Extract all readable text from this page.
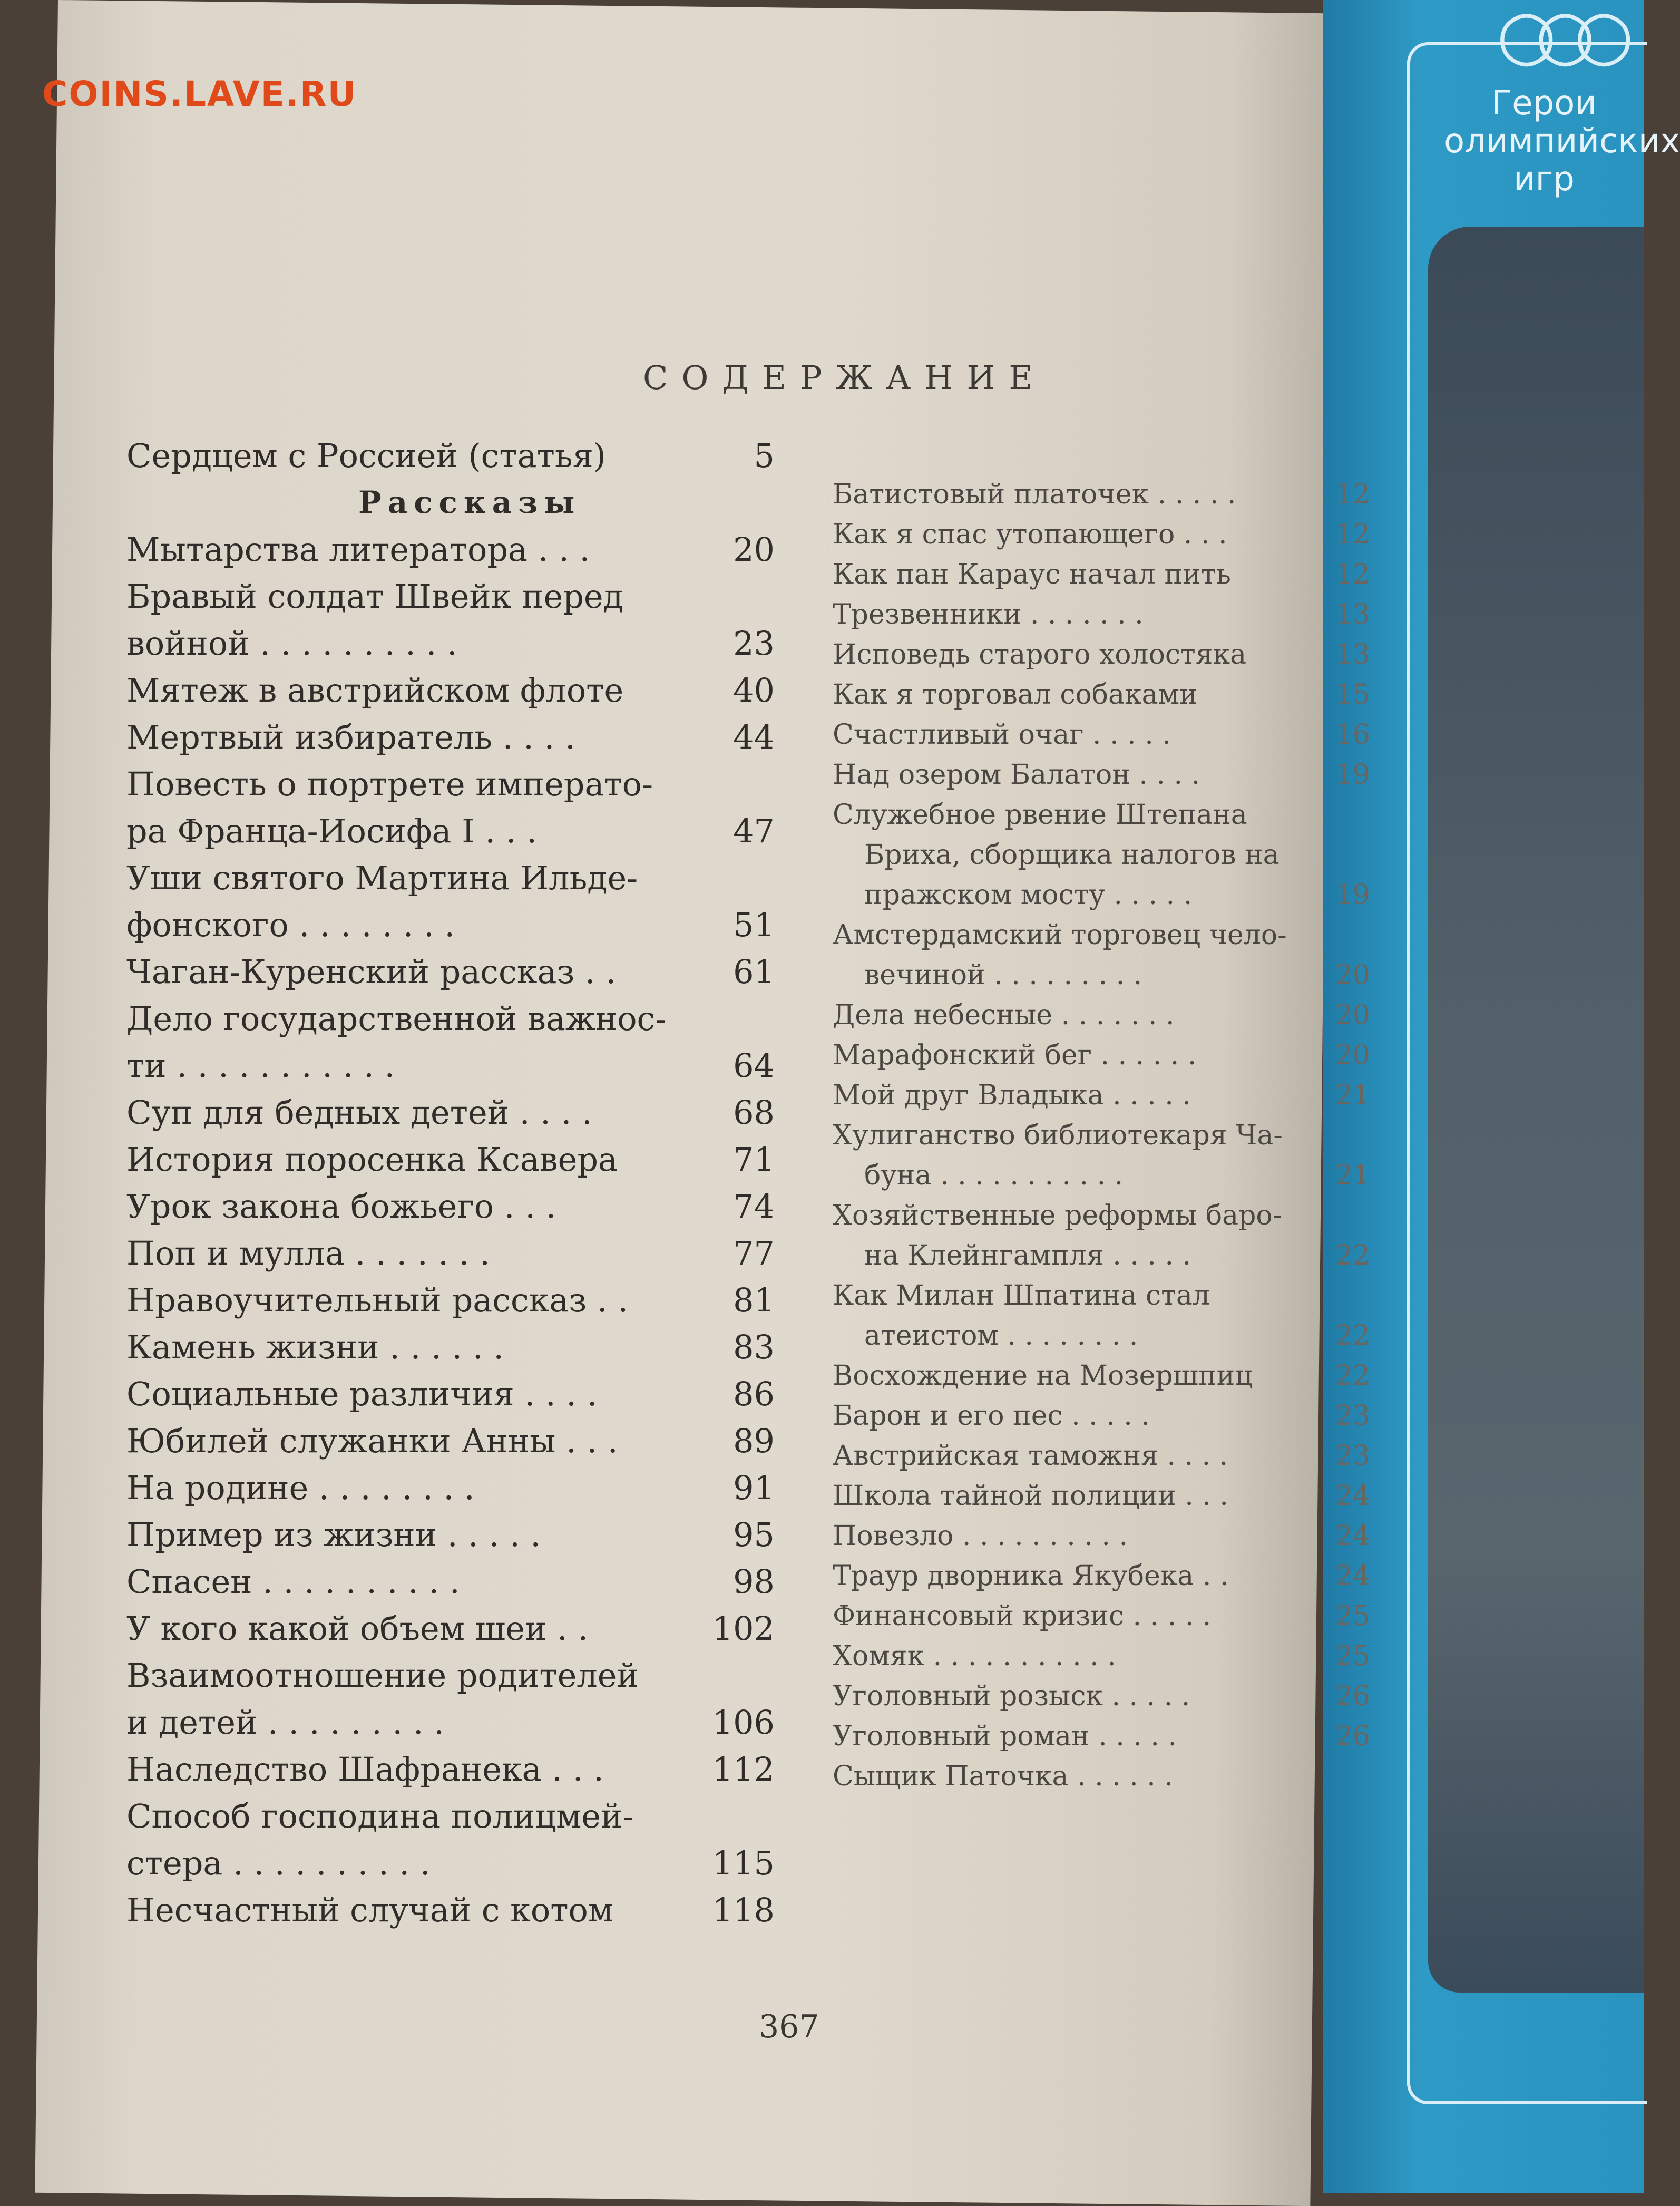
○○○
Герои
олимпийских
игр
COINS.LAVE.RU
СОДЕРЖАНИЕ
Сердцем с Россией (статья)	5
Рассказы
Мытарства литератора . . .	20
Бравый солдат Швейк перед
войной . . . . . . . . . .	23
Мятеж в австрийском флоте	40
Мертвый избиратель . . . .	44
Повесть о портрете императо-
ра Франца-Иосифа I . . .	47
Уши святого Мартина Ильде-
фонского . . . . . . . .	51
Чаган-Куренский рассказ . .	61
Дело государственной важнос-
ти . . . . . . . . . . .	64
Суп для бедных детей . . . .	68
История поросенка Ксавера	71
Урок закона божьего . . .	74
Поп и мулла . . . . . . .	77
Нравоучительный рассказ . .	81
Камень жизни . . . . . .	83
Социальные различия . . . .	86
Юбилей служанки Анны . . .	89
На родине . . . . . . . .	91
Пример из жизни . . . . .	95
Спасен . . . . . . . . . .	98
У кого какой объем шеи . .	102
Взаимоотношение родителей
и детей . . . . . . . . .	106
Наследство Шафранека . . .	112
Способ господина полицмей-
стера . . . . . . . . . .	115
Несчастный случай с котом	118
Батистовый платочек . . . . .	12
Как я спас утопающего . . .	12
Как пан Караус начал пить	12
Трезвенники . . . . . . .	13
Исповедь старого холостяка	13
Как я торговал собаками	15
Счастливый очаг . . . . .	16
Над озером Балатон . . . .	19
Служебное рвение Штепана
Бриха, сборщика налогов на
пражском мосту . . . . .	19
Амстердамский торговец чело-
вечиной . . . . . . . . .	20
Дела небесные . . . . . . .	20
Марафонский бег . . . . . .	20
Мой друг Владыка . . . . .	21
Хулиганство библиотекаря Ча-
буна . . . . . . . . . . .	21
Хозяйственные реформы баро-
на Клейнгампля . . . . .	22
Как Милан Шпатина стал
атеистом . . . . . . . .	22
Восхождение на Мозершпиц	22
Барон и его пес . . . . .	23
Австрийская таможня . . . .	23
Школа тайной полиции . . .	24
Повезло . . . . . . . . . .	24
Траур дворника Якубека . .	24
Финансовый кризис . . . . .	25
Хомяк . . . . . . . . . . .	25
Уголовный розыск . . . . .	26
Уголовный роман . . . . .	26
Сыщик Паточка . . . . . .
367
